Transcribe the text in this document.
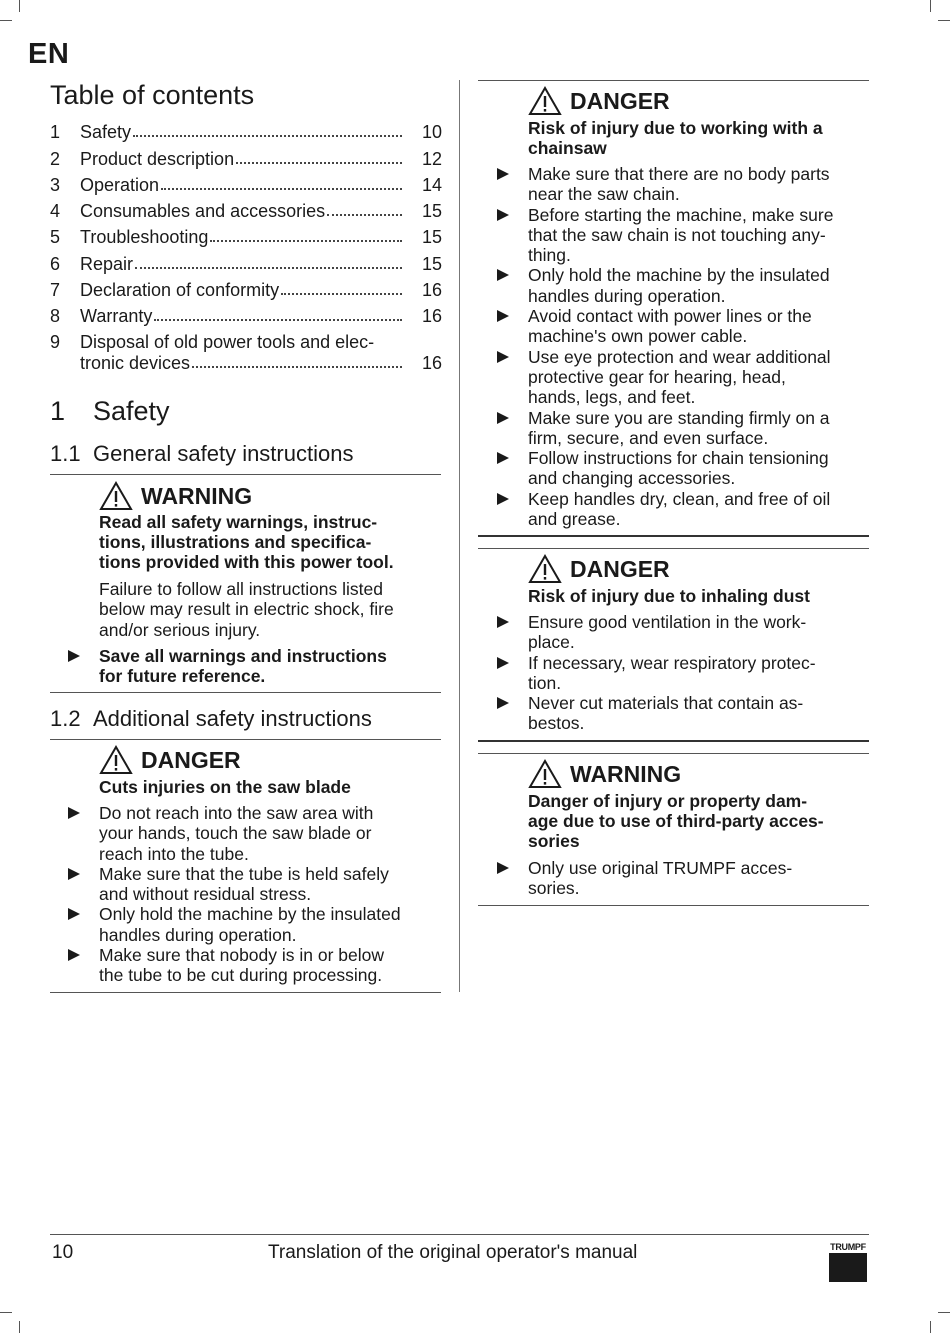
EN
Table of contents
1	Safety	10
2	Product description	12
3	Operation	14
4	Consumables and accessories	15
5	Troubleshooting	15
6	Repair	15
7	Declaration of conformity	16
8	Warranty	16
9	Disposal of old power tools and elec-
tronic devices	16
1 Safety
1.1 General safety instructions
WARNING
Read all safety warnings, instruc-
tions, illustrations and specifica-
tions provided with this power tool.
Failure to follow all instructions listed
below may result in electric shock, fire
and/or serious injury.
Save all warnings and instructions
for future reference.
1.2 Additional safety instructions
DANGER
Cuts injuries on the saw blade
Do not reach into the saw area with
your hands, touch the saw blade or
reach into the tube.
Make sure that the tube is held safely
and without residual stress.
Only hold the machine by the insulated
handles during operation.
Make sure that nobody is in or below
the tube to be cut during processing.
DANGER
Risk of injury due to working with a
chainsaw
Make sure that there are no body parts
near the saw chain.
Before starting the machine, make sure
that the saw chain is not touching any-
thing.
Only hold the machine by the insulated
handles during operation.
Avoid contact with power lines or the
machine's own power cable.
Use eye protection and wear additional
protective gear for hearing, head,
hands, legs, and feet.
Make sure you are standing firmly on a
firm, secure, and even surface.
Follow instructions for chain tensioning
and changing accessories.
Keep handles dry, clean, and free of oil
and grease.
DANGER
Risk of injury due to inhaling dust
Ensure good ventilation in the work-
place.
If necessary, wear respiratory protec-
tion.
Never cut materials that contain as-
bestos.
WARNING
Danger of injury or property dam-
age due to use of third-party acces-
sories
Only use original TRUMPF acces-
sories.
10	Translation of the original operator's manual	TRUMPF
